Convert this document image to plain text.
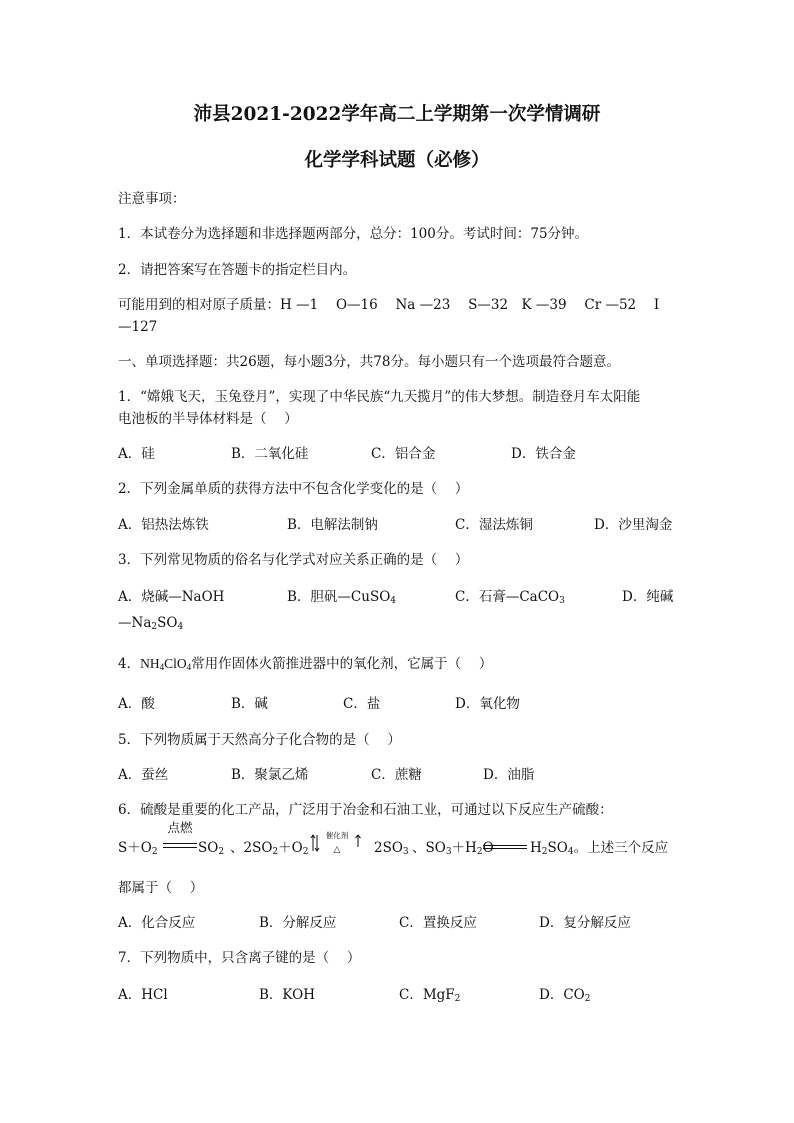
沛县2021-2022学年高二上学期第一次学情调研
化学学科试题（必修）
注意事项：
1．本试卷分为选择题和非选择题两部分，总分：100分。考试时间：75分钟。
2．请把答案写在答题卡的指定栏目内。
可能用到的相对原子质量：H —1　 O—16　 Na —23　 S—32　K —39　 Cr —52　 I
—127
一、单项选择题：共26题，每小题3分，共78分。每小题只有一个选项最符合题意。
1．“嫦娥飞天，玉兔登月”，实现了中华民族“九天揽月”的伟大梦想。制造登月车太阳能
电池板的半导体材料是（　 ）
A．硅	B．二氧化硅	C．铝合金	D．铁合金
2．下列金属单质的获得方法中不包含化学变化的是（　 ）
A．铝热法炼铁	B．电解法制钠	C．湿法炼铜	D．沙里淘金
3．下列常见物质的俗名与化学式对应关系正确的是（　 ）
A．烧碱—NaOH	B．胆矾—CuSO$_4$	C．石膏—CaCO$_3$	D．纯碱
$—Na_2SO_4$
4．$NH_4ClO_4$常用作固体火箭推进器中的氧化剂，它属于（　 ）
A．酸	B．碱	C．盐	D．氧化物
5．下列物质属于天然高分子化合物的是（　 ）
A．蚕丝	B．聚氯乙烯	C．蔗糖	D．油脂
6．硫酸是重要的化工产品，广泛用于冶金和石油工业，可通过以下反应生产硫酸：
$S+O_2$
点燃
$SO_2$ 、$2SO_2+O_2$
催化剂
△	$2SO_3$ 、$SO_3+H_2O$	$H_2SO_4$。上述三个反应
都属于（　 ）
A．化合反应	B．分解反应	C．置换反应	D．复分解反应
7．下列物质中，只含离子键的是（　 ）
A．HCl	B．KOH	C．MgF$_2$	D．$CO_2$
